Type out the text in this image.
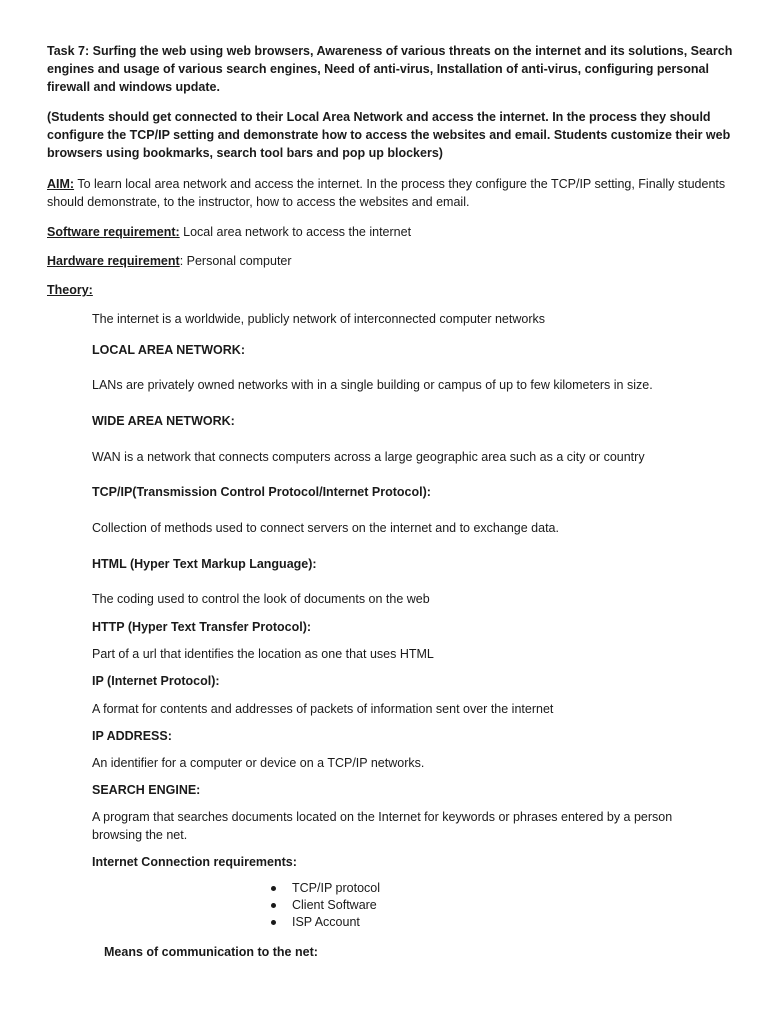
Task 7: Surfing the web using web browsers, Awareness of various threats on the internet and its solutions, Search engines and usage of various search engines, Need of anti-virus, Installation of anti-virus, configuring personal firewall and windows update.

(Students should get connected to their Local Area Network and access the internet. In the process they should configure the TCP/IP setting and demonstrate how to access the websites and email. Students customize their web browsers using bookmarks, search tool bars and pop up blockers)

AIM: To learn local area network and access the internet. In the process they configure the TCP/IP setting, Finally students should demonstrate, to the instructor, how to access the websites and email.

Software requirement: Local area network to access the internet

Hardware requirement: Personal computer

Theory:

The internet is a worldwide, publicly network of interconnected computer networks

LOCAL AREA NETWORK:

LANs are privately owned networks with in a single building or campus of up to few kilometers in size.

WIDE AREA NETWORK:

WAN is a network that connects computers across a large geographic area such as a city or country

TCP/IP(Transmission Control Protocol/Internet Protocol):

Collection of methods used to connect servers on the internet and to exchange data.

HTML (Hyper Text Markup Language):

The coding used to control the look of documents on the web

HTTP (Hyper Text Transfer Protocol):

Part of a url that identifies the location as one that uses HTML

IP (Internet Protocol):

A format for contents and addresses of packets of information sent over the internet

IP ADDRESS:

An identifier for a computer or device on a TCP/IP networks.

SEARCH ENGINE:

A program that searches documents located on the Internet for keywords or phrases entered by a person browsing the net.

Internet Connection requirements:

TCP/IP protocol
Client Software
ISP Account

Means of communication to the net:
